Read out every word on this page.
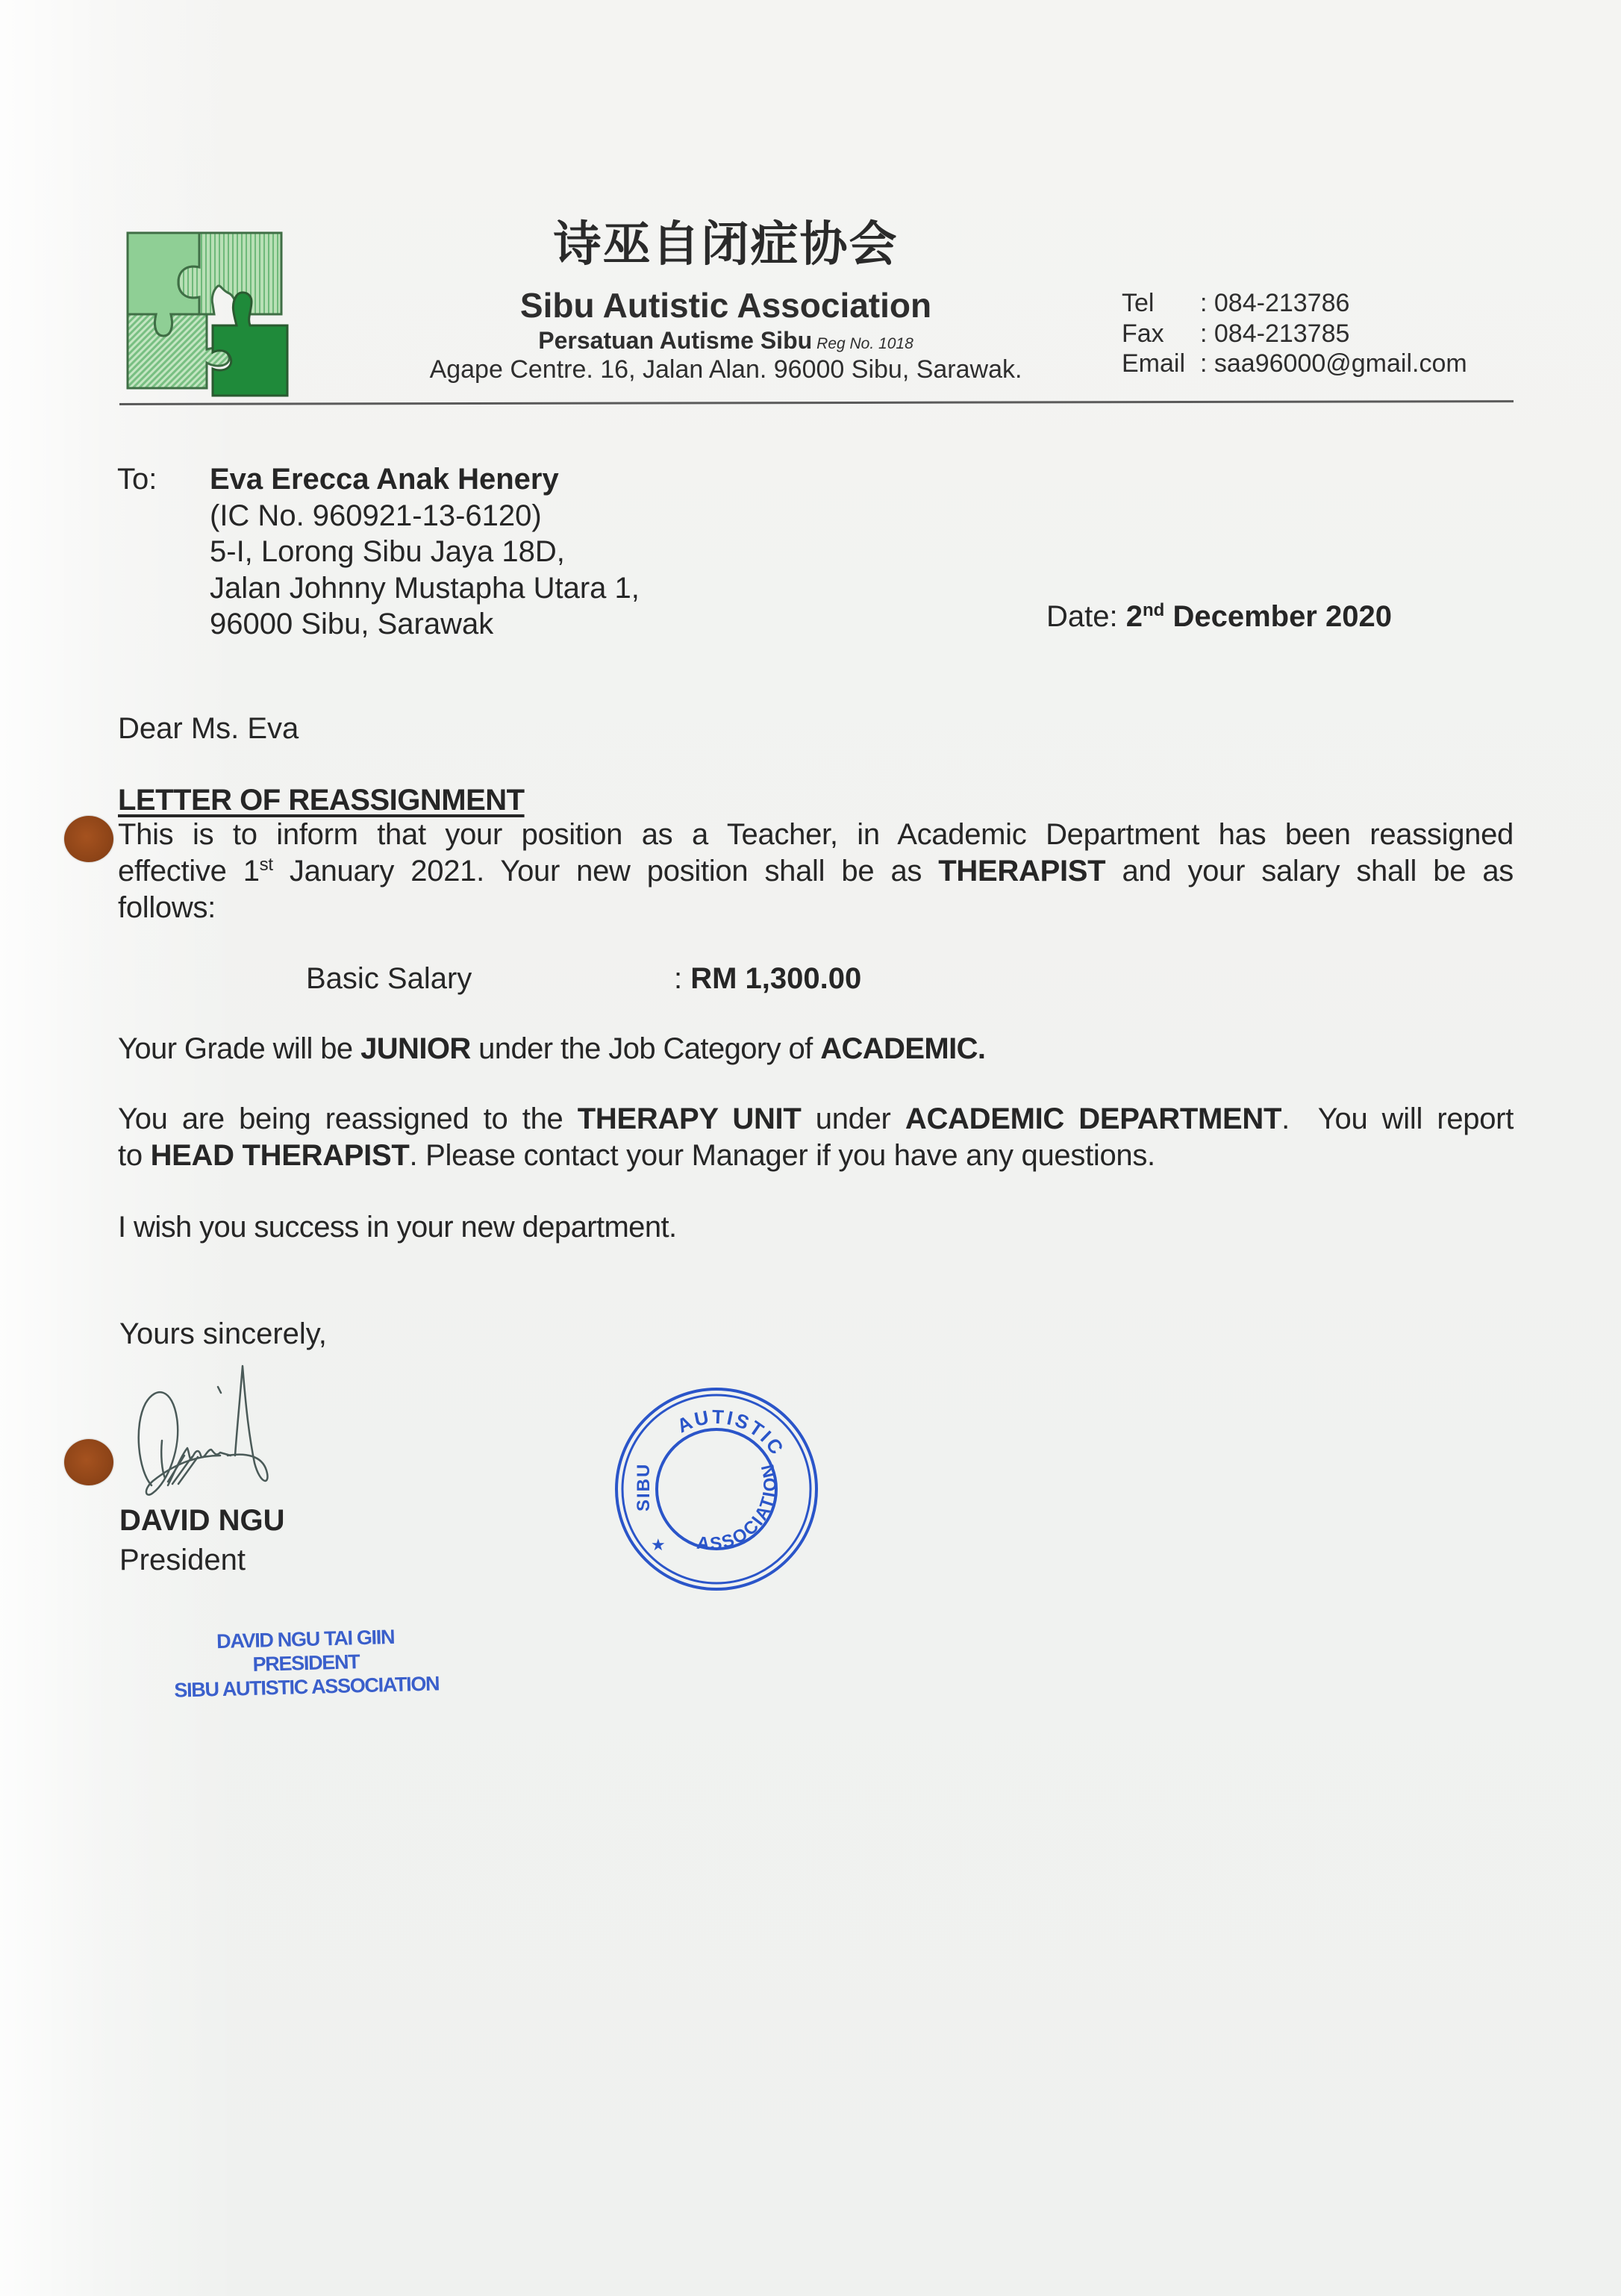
诗巫自闭症协会
Sibu Autistic Association
Persatuan Autisme Sibu Reg No. 1018
Agape Centre. 16, Jalan Alan. 96000 Sibu, Sarawak.
Tel : 084-213786
Fax : 084-213785
Email : saa96000@gmail.com
To: Eva Erecca Anak Henery
(IC No. 960921-13-6120)
5-I, Lorong Sibu Jaya 18D,
Jalan Johnny Mustapha Utara 1,
96000 Sibu, Sarawak	Date: 2nd December 2020
Dear Ms. Eva
LETTER OF REASSIGNMENT
This is to inform that your position as a Teacher, in Academic Department has been reassigned
effective 1st January 2021. Your new position shall be as THERAPIST and your salary shall be as
follows:
Basic Salary	: RM 1,300.00
Your Grade will be JUNIOR under the Job Category of ACADEMIC.
You are being reassigned to the THERAPY UNIT under ACADEMIC DEPARTMENT.  You will report
to HEAD THERAPIST. Please contact your Manager if you have any questions.
I wish you success in your new department.
Yours sincerely,
DAVID NGU
President
AUTISTIC
SIBU
ASSOCIATION
★
DAVID NGU TAI GIIN
PRESIDENT
SIBU AUTISTIC ASSOCIATION
